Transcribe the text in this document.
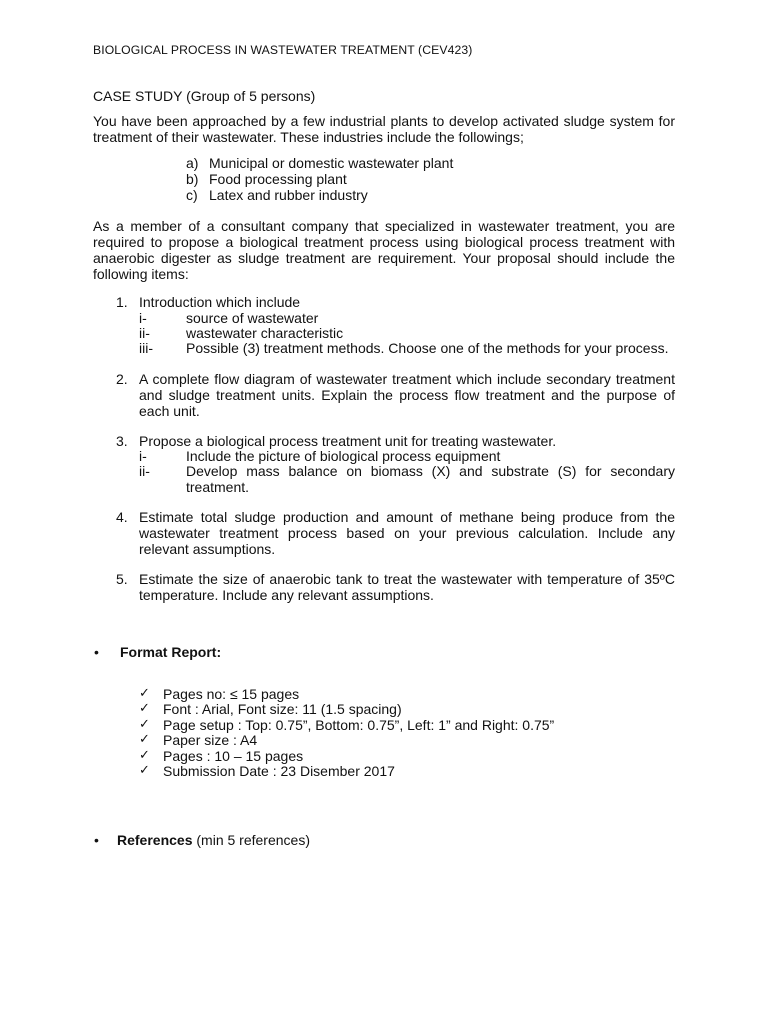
BIOLOGICAL PROCESS IN WASTEWATER TREATMENT (CEV423)
CASE STUDY (Group of 5 persons)
You have been approached by a few industrial plants to develop activated sludge system for
treatment of their wastewater. These industries include the followings;
a) Municipal or domestic wastewater plant
b) Food processing plant
c) Latex and rubber industry
As a member of a consultant company that specialized in wastewater treatment, you are
required to propose a biological treatment process using biological process treatment with
anaerobic digester as sludge treatment are requirement. Your proposal should include the
following items:
1. Introduction which include
i-	source of wastewater
ii-	wastewater characteristic
iii- Possible (3) treatment methods. Choose one of the methods for your process.
2. A complete flow diagram of wastewater treatment which include secondary treatment
and sludge treatment units. Explain the process flow treatment and the purpose of
each unit.
3. Propose a biological process treatment unit for treating wastewater.
i-	Include the picture of biological process equipment
ii-	Develop mass balance on biomass (X) and substrate (S) for secondary
treatment.
4. Estimate total sludge production and amount of methane being produce from the
wastewater treatment process based on your previous calculation. Include any
relevant assumptions.
5. Estimate the size of anaerobic tank to treat the wastewater with temperature of 35ºC
temperature. Include any relevant assumptions.
• Format Report:
✓ Pages no: ≤ 15 pages
✓ Font : Arial, Font size: 11 (1.5 spacing)
✓ Page setup : Top: 0.75”, Bottom: 0.75”, Left: 1” and Right: 0.75”
✓ Paper size : A4
✓ Pages : 10 – 15 pages
✓ Submission Date : 23 Disember 2017
• References (min 5 references)
